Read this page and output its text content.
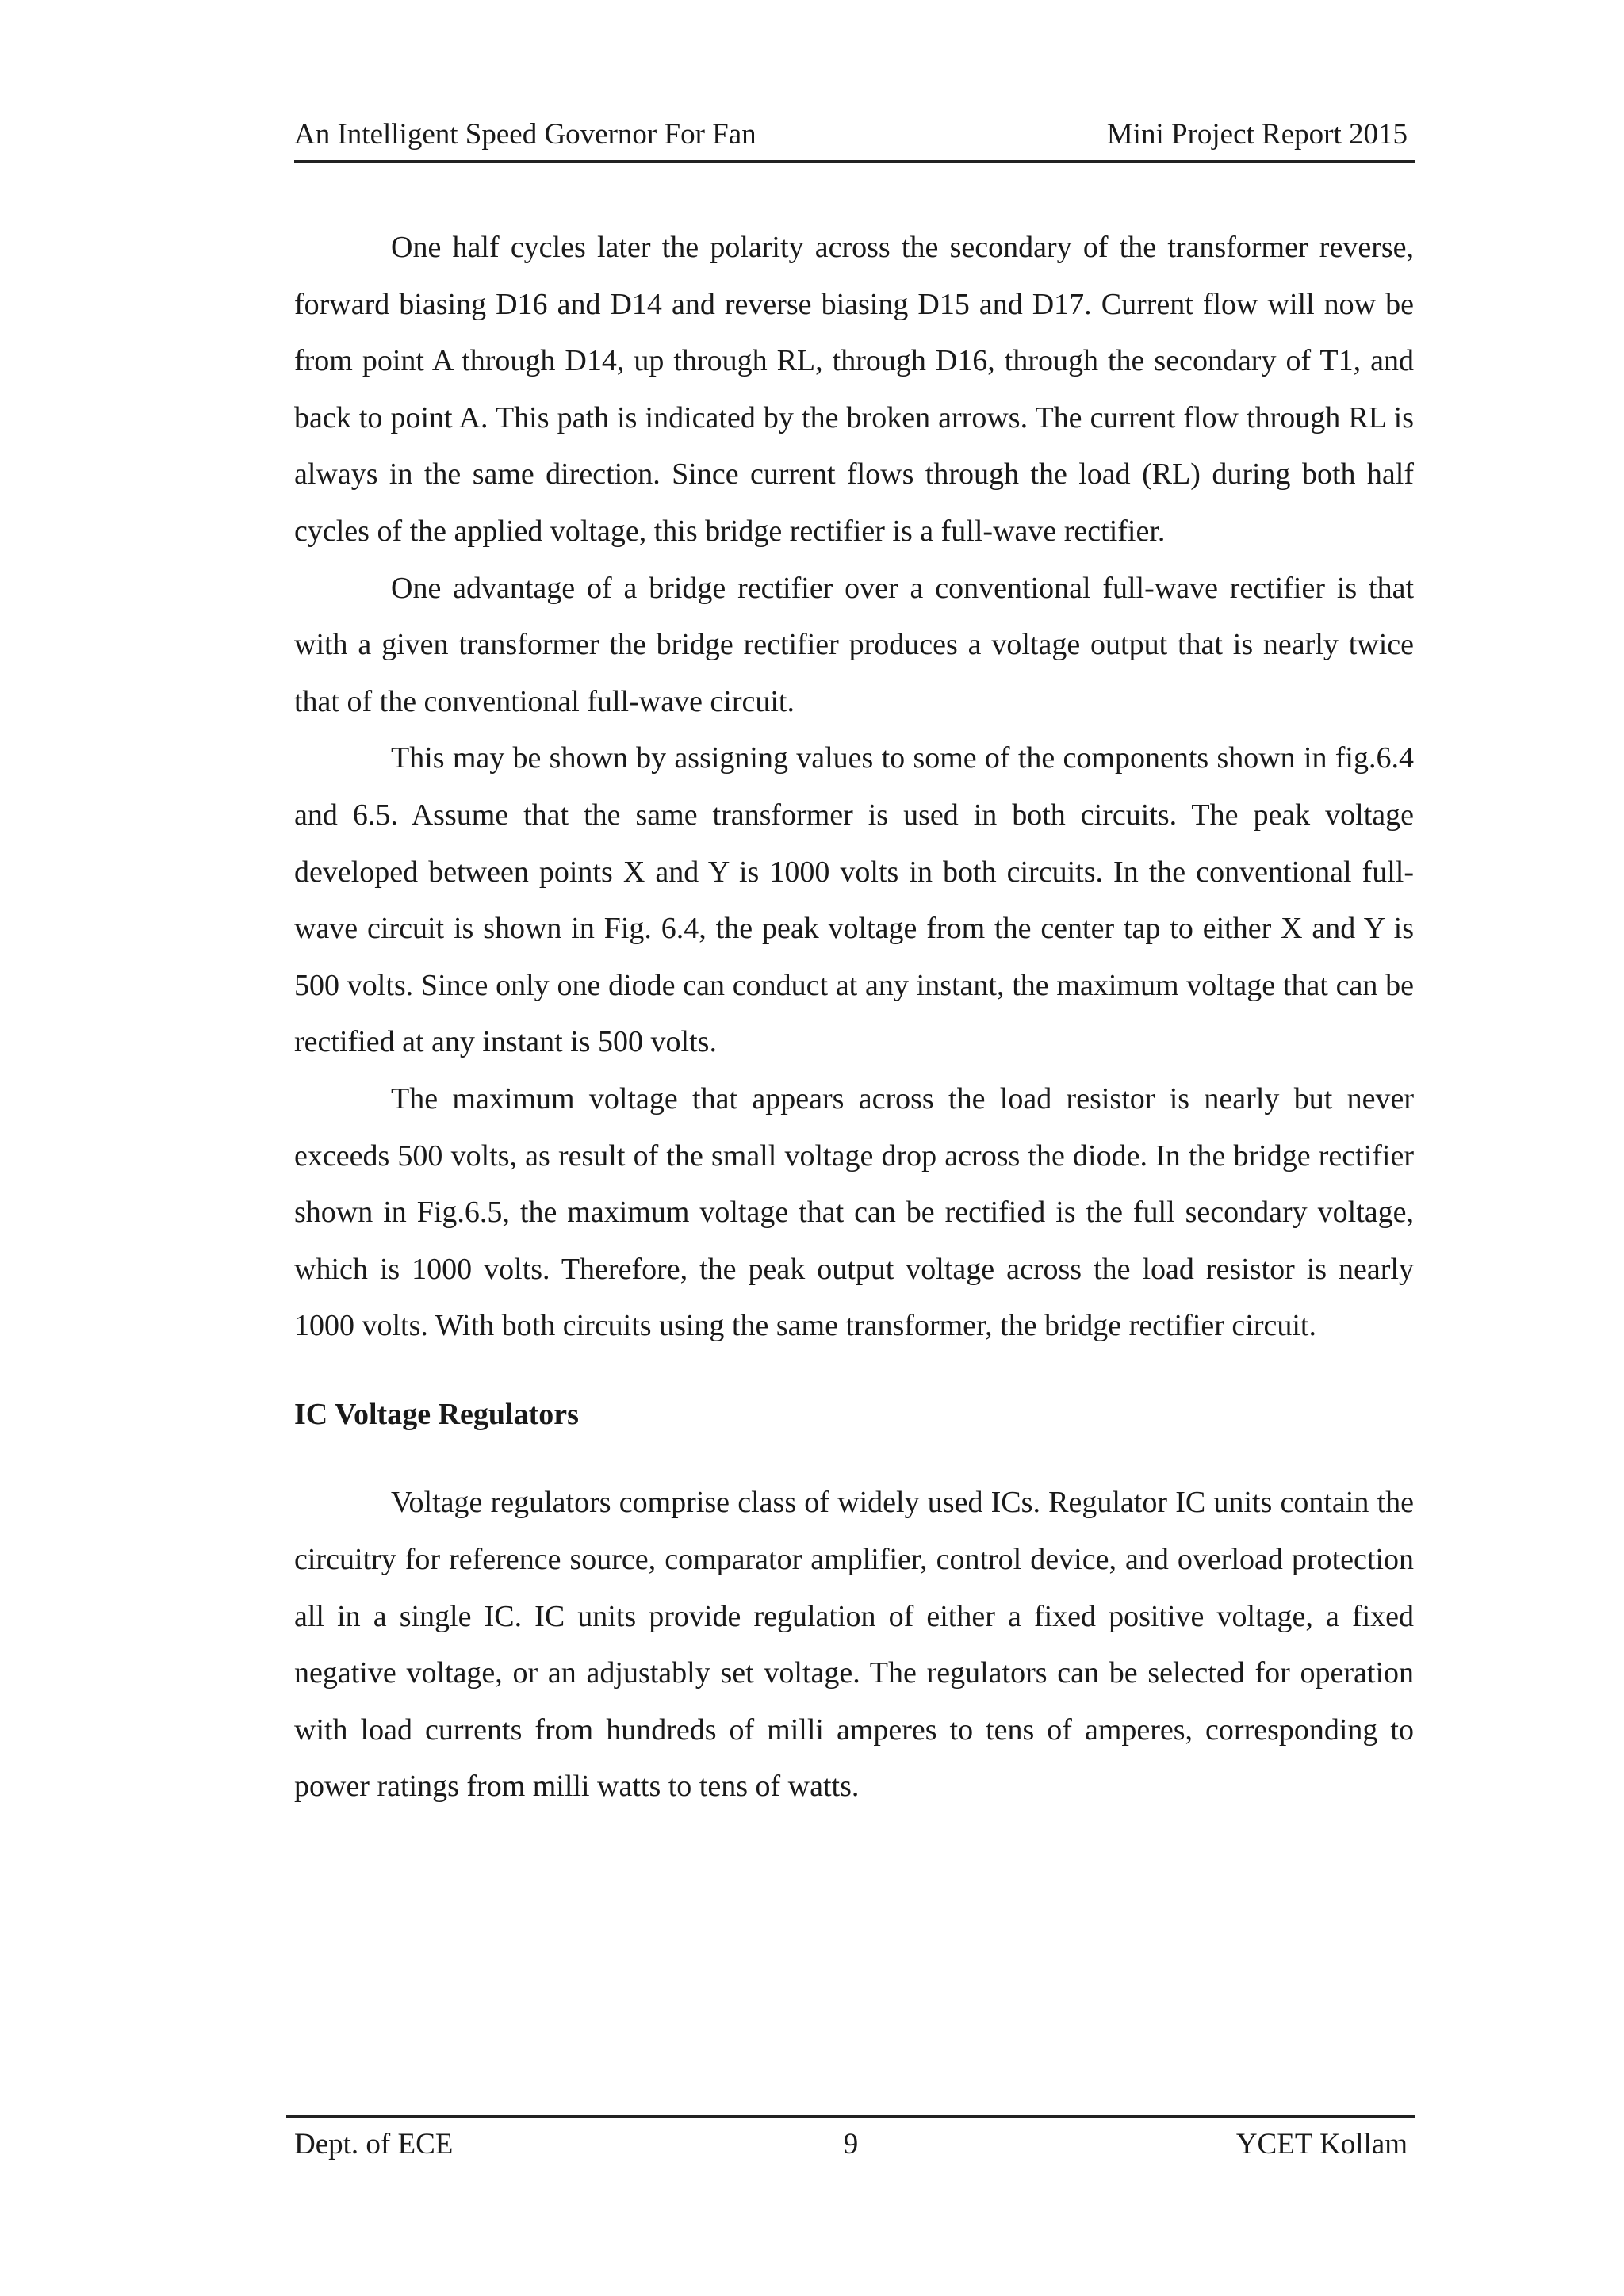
An Intelligent Speed Governor For Fan	Mini Project Report 2015

One half cycles later the polarity across the secondary of the transformer reverse, forward biasing D16 and D14 and reverse biasing D15 and D17. Current flow will now be from point A through D14, up through RL, through D16, through the secondary of T1, and back to point A. This path is indicated by the broken arrows. The current flow through RL is always in the same direction. Since current flows through the load (RL) during both half cycles of the applied voltage, this bridge rectifier is a full-wave rectifier.

One advantage of a bridge rectifier over a conventional full-wave rectifier is that with a given transformer the bridge rectifier produces a voltage output that is nearly twice that of the conventional full-wave circuit.

This may be shown by assigning values to some of the components shown in fig.6.4 and 6.5. Assume that the same transformer is used in both circuits. The peak voltage developed between points X and Y is 1000 volts in both circuits. In the conventional full-wave circuit is shown in Fig. 6.4, the peak voltage from the center tap to either X and Y is 500 volts. Since only one diode can conduct at any instant, the maximum voltage that can be rectified at any instant is 500 volts.

The maximum voltage that appears across the load resistor is nearly but never exceeds 500 volts, as result of the small voltage drop across the diode. In the bridge rectifier shown in Fig.6.5, the maximum voltage that can be rectified is the full secondary voltage, which is 1000 volts. Therefore, the peak output voltage across the load resistor is nearly 1000 volts. With both circuits using the same transformer, the bridge rectifier circuit.

IC Voltage Regulators

Voltage regulators comprise class of widely used ICs. Regulator IC units contain the circuitry for reference source, comparator amplifier, control device, and overload protection all in a single IC. IC units provide regulation of either a fixed positive voltage, a fixed negative voltage, or an adjustably set voltage. The regulators can be selected for operation with load currents from hundreds of milli amperes to tens of amperes, corresponding to power ratings from milli watts to tens of watts.

Dept. of ECE	9	YCET Kollam
